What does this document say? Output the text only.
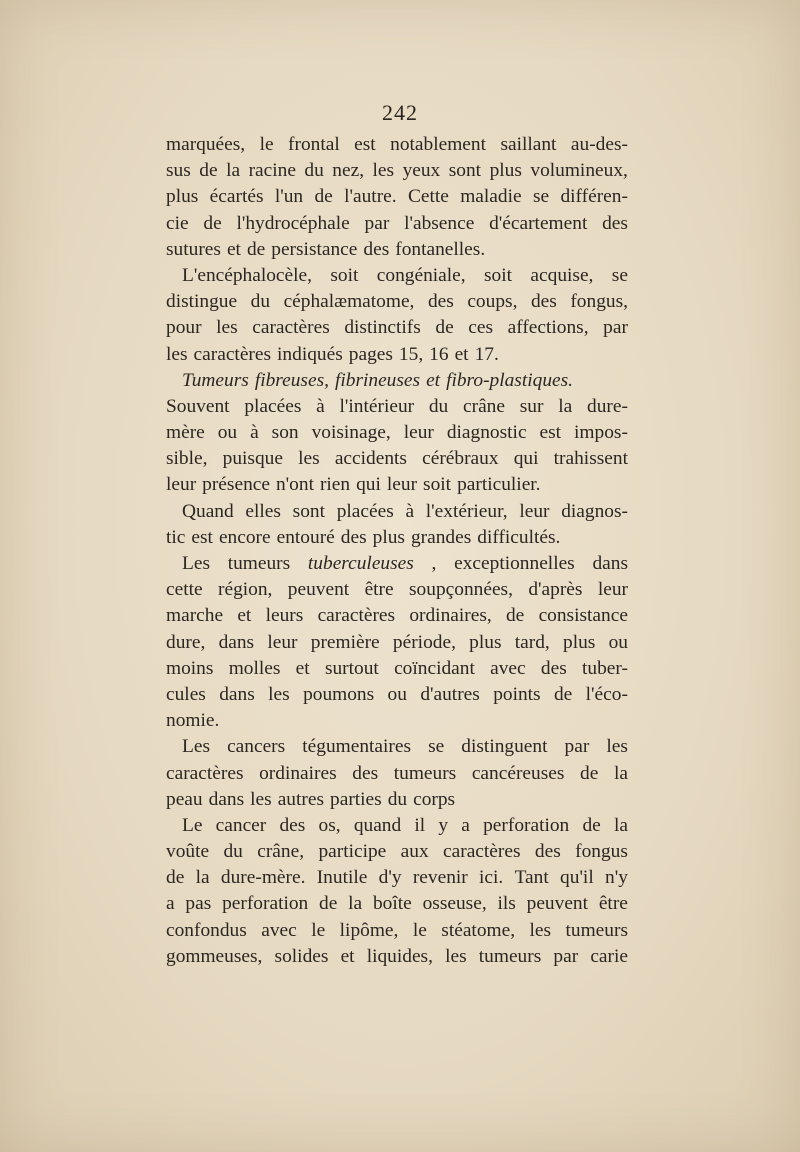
242
marquées, le frontal est notablement saillant au-des-
sus de la racine du nez, les yeux sont plus volumineux,
plus écartés l'un de l'autre. Cette maladie se différen-
cie de l'hydrocéphale par l'absence d'écartement des
sutures et de persistance des fontanelles.
L'encéphalocèle, soit congéniale, soit acquise, se
distingue du céphalæmatome, des coups, des fongus,
pour les caractères distinctifs de ces affections, par
les caractères indiqués pages 15, 16 et 17.
Tumeurs fibreuses, fibrineuses et fibro-plastiques.
Souvent placées à l'intérieur du crâne sur la dure-
mère ou à son voisinage, leur diagnostic est impos-
sible, puisque les accidents cérébraux qui trahissent
leur présence n'ont rien qui leur soit particulier.
Quand elles sont placées à l'extérieur, leur diagnos-
tic est encore entouré des plus grandes difficultés.
Les tumeurs tuberculeuses , exceptionnelles dans
cette région, peuvent être soupçonnées, d'après leur
marche et leurs caractères ordinaires, de consistance
dure, dans leur première période, plus tard, plus ou
moins molles et surtout coïncidant avec des tuber-
cules dans les poumons ou d'autres points de l'éco-
nomie.
Les cancers tégumentaires se distinguent par les
caractères ordinaires des tumeurs cancéreuses de la
peau dans les autres parties du corps
Le cancer des os, quand il y a perforation de la
voûte du crâne, participe aux caractères des fongus
de la dure-mère. Inutile d'y revenir ici. Tant qu'il n'y
a pas perforation de la boîte osseuse, ils peuvent être
confondus avec le lipôme, le stéatome, les tumeurs
gommeuses, solides et liquides, les tumeurs par carie
